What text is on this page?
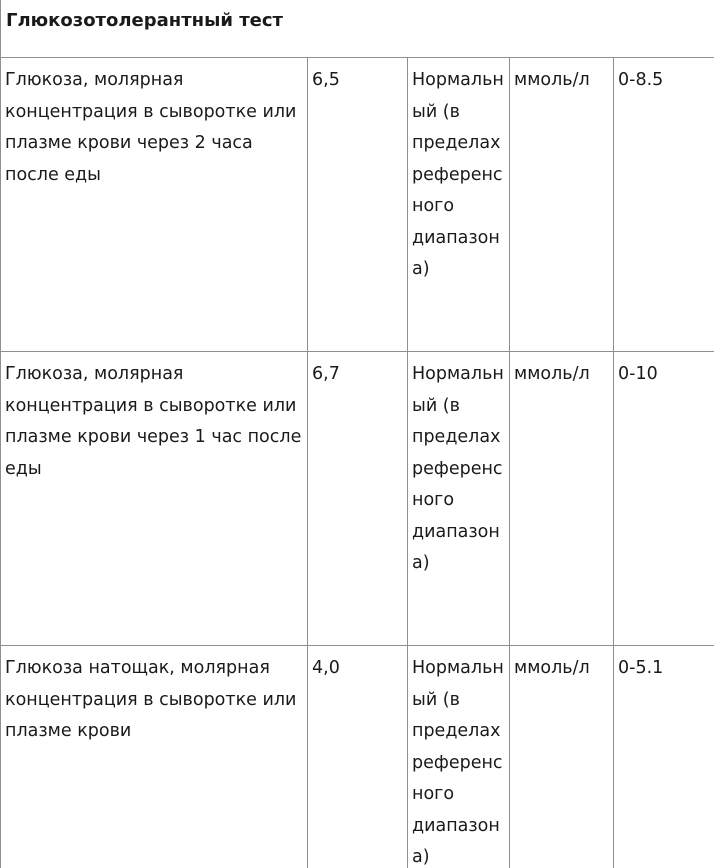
Глюкозотолерантный тест				
Глюкоза, молярная концентрация в сыворотке или плазме крови через 2 часа после еды	6,5	Нормальный (в пределах референсного диапазона)	ммоль/л	0-8.5
Глюкоза, молярная концентрация в сыворотке или плазме крови через 1 час после еды	6,7	Нормальный (в пределах референсного диапазона)	ммоль/л	0-10
Глюкоза натощак, молярная концентрация в сыворотке или плазме крови	4,0	Нормальный (в пределах референсного диапазона)	ммоль/л	0-5.1
